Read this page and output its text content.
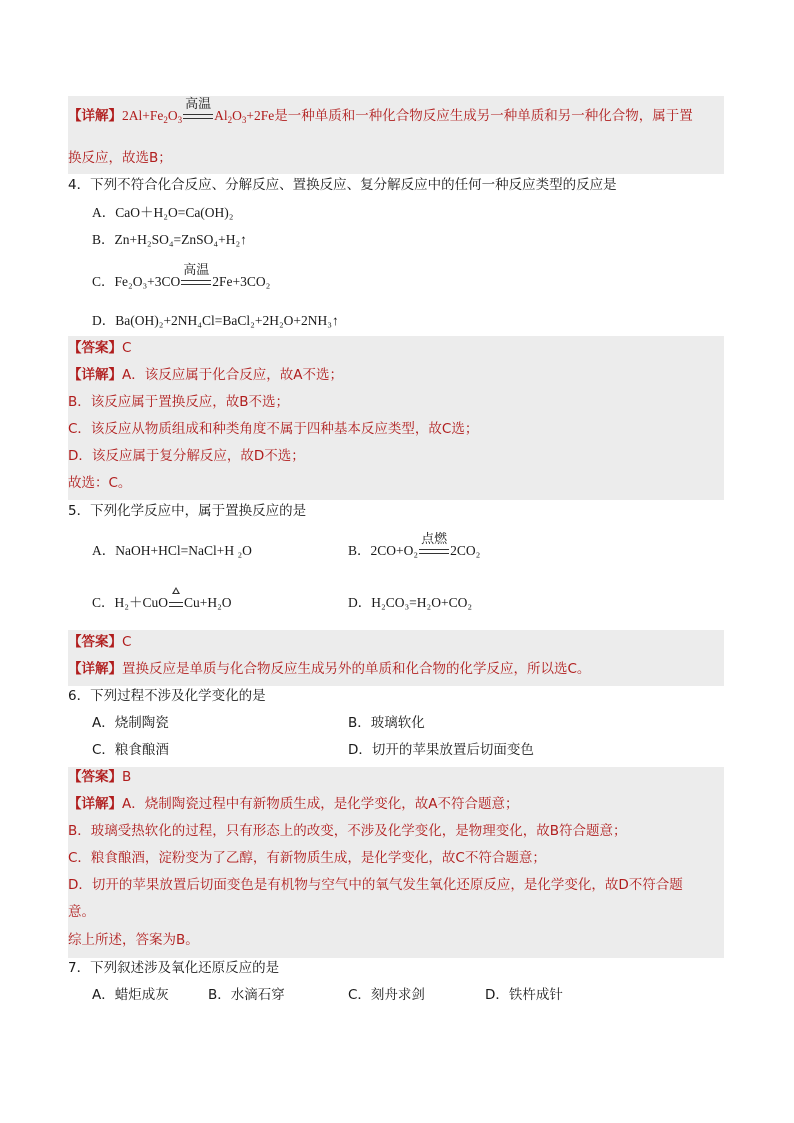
【详解】$2Al+Fe_2O_3$
高温
$Al_2O_3+2Fe$是一种单质和一种化合物反应生成另一种单质和另一种化合物，属于置
换反应，故选B；
4．下列不符合化合反应、分解反应、置换反应、复分解反应中的任何一种反应类型的反应是
A．CaO＋H₂O=Ca(OH)₂
B．Zn+H₂SO₄=ZnSO₄+H₂↑
C．Fe₂O₃+3CO
高温
2Fe+3CO₂
D．Ba(OH)₂+2NH₄Cl=BaCl₂+2H₂O+2NH₃↑
【答案】C
【详解】A．该反应属于化合反应，故A不选；
B．该反应属于置换反应，故B不选；
C．该反应从物质组成和种类角度不属于四种基本反应类型，故C选；
D．该反应属于复分解反应，故D不选；
故选：C。
5．下列化学反应中，属于置换反应的是
A．NaOH+HCl=NaCl+H ₂O	B．2CO+O₂
点燃
2CO₂
C．H₂＋CuO Cu+H₂O	D．H₂CO₃=H₂O+CO₂
【答案】C
【详解】置换反应是单质与化合物反应生成另外的单质和化合物的化学反应，所以选C。
6．下列过程不涉及化学变化的是
A．烧制陶瓷	B．玻璃软化
C．粮食酿酒	D．切开的苹果放置后切面变色
【答案】B
【详解】A．烧制陶瓷过程中有新物质生成，是化学变化，故A不符合题意；
B．玻璃受热软化的过程，只有形态上的改变，不涉及化学变化，是物理变化，故B符合题意；
C．粮食酿酒，淀粉变为了乙醇，有新物质生成，是化学变化，故C不符合题意；
D．切开的苹果放置后切面变色是有机物与空气中的氧气发生氧化还原反应，是化学变化，故D不符合题
意。
综上所述，答案为B。
7．下列叙述涉及氧化还原反应的是
A．蜡炬成灰	B．水滴石穿	C．刻舟求剑	D．铁杵成针
